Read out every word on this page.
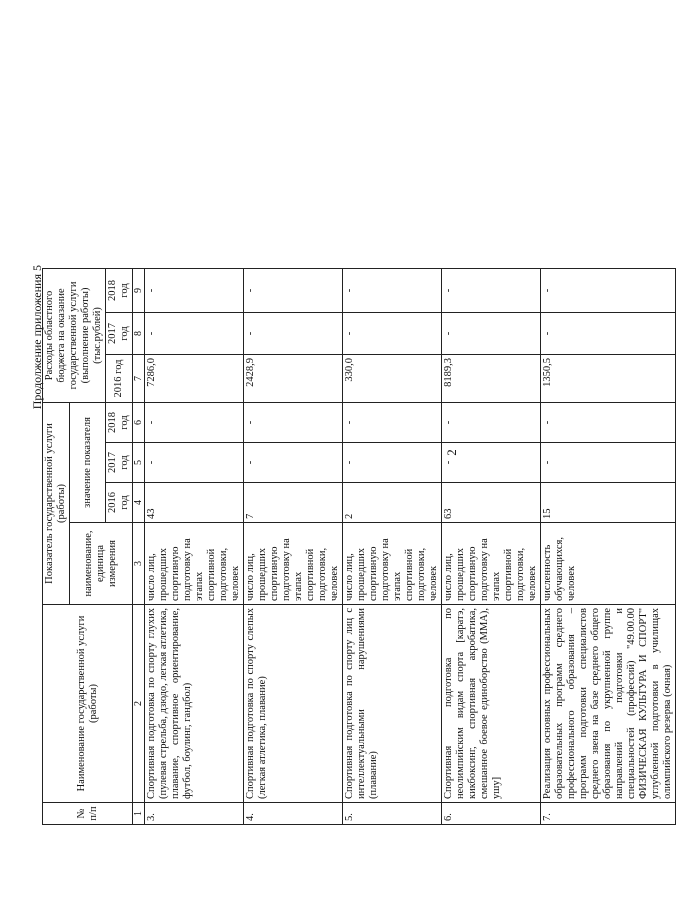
Продолжение приложения 5
№ п/п	Наименование государственной услуги (работы)	Показатель государственной услуги (работы)				Расходы областного бюджета на оказание государственной услуги (выполнение работы) (тыс.рублей)		
		наименование, единица измерения	значение показателя					
			2016 год	2017 год	2018 год	2016 год	2017 год	2018 год
1	2	3	4	5	6	7	8	9
3.	Спортивная подготовка по спорту глухих (пулевая стрельба, дзюдо, легкая атлетика, плавание, спортивное ориентирование, футбол, боулинг, гандбол)	число лиц, прошедших спортивную подготовку на этапах спортивной подготовки, человек	43	-	-	7286,0	-	-
4.	Спортивная подготовка по спорту слепых (легкая атлетика, плавание)	число лиц, прошедших спортивную подготовку на этапах спортивной подготовки, человек	7	-	-	2428,9	-	-
5.	Спортивная подготовка по спорту лиц с интеллектуальными нарушениями (плавание)	число лиц, прошедших спортивную подготовку на этапах спортивной подготовки, человек	2	-	-	330,0	-	-
6.	Спортивная подготовка по неолимпийским видам спорта [каратэ, кикбоксинг, спортивная акробатика, смешанное боевое единоборство (ММА), ушу]	число лиц, прошедших спортивную подготовку на этапах спортивной подготовки, человек	63	-	-	8189,3	-	-
7.	Реализация основных профессиональных образовательных программ среднего профессионального образования – программ подготовки специалистов среднего звена на базе среднего общего образования по укрупненной группе направлений подготовки и специальностей (профессий) "49.00.00 ФИЗИЧЕСКАЯ КУЛЬТУРА И СПОРТ" углубленной подготовки в училищах олимпийского резерва (очная)	численность обучающихся, человек	15	-	-	1350,5	-	-
2
